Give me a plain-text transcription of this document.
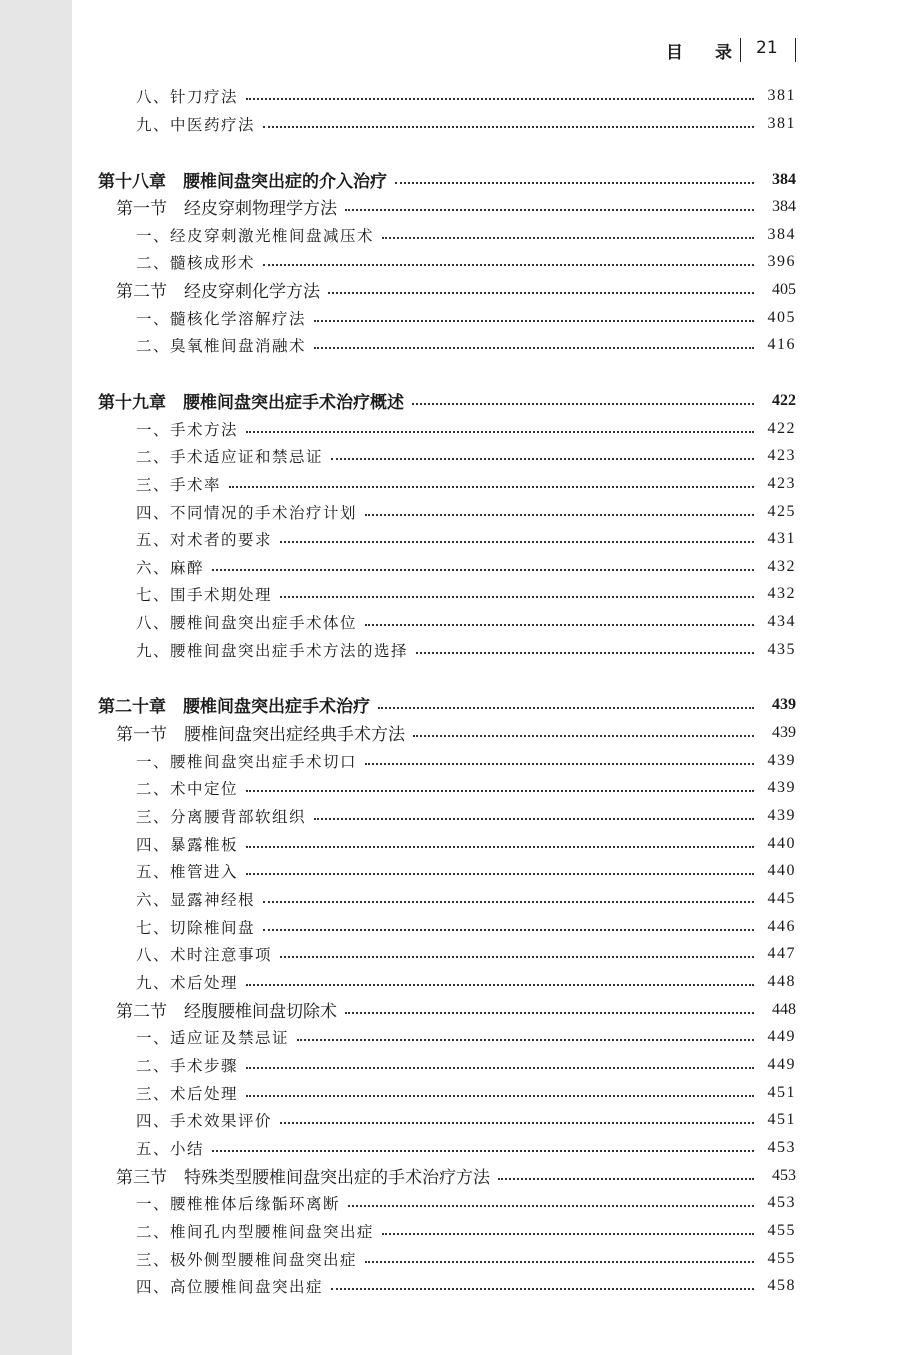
目 录 21
八、针刀疗法	381
九、中医药疗法	381
第十八章　腰椎间盘突出症的介入治疗	384
第一节　经皮穿刺物理学方法	384
一、经皮穿刺激光椎间盘减压术	384
二、髓核成形术	396
第二节　经皮穿刺化学方法	405
一、髓核化学溶解疗法	405
二、臭氧椎间盘消融术	416
第十九章　腰椎间盘突出症手术治疗概述	422
一、手术方法	422
二、手术适应证和禁忌证	423
三、手术率	423
四、不同情况的手术治疗计划	425
五、对术者的要求	431
六、麻醉	432
七、围手术期处理	432
八、腰椎间盘突出症手术体位	434
九、腰椎间盘突出症手术方法的选择	435
第二十章　腰椎间盘突出症手术治疗	439
第一节　腰椎间盘突出症经典手术方法	439
一、腰椎间盘突出症手术切口	439
二、术中定位	439
三、分离腰背部软组织	439
四、暴露椎板	440
五、椎管进入	440
六、显露神经根	445
七、切除椎间盘	446
八、术时注意事项	447
九、术后处理	448
第二节　经腹腰椎间盘切除术	448
一、适应证及禁忌证	449
二、手术步骤	449
三、术后处理	451
四、手术效果评价	451
五、小结	453
第三节　特殊类型腰椎间盘突出症的手术治疗方法	453
一、腰椎椎体后缘骺环离断	453
二、椎间孔内型腰椎间盘突出症	455
三、极外侧型腰椎间盘突出症	455
四、高位腰椎间盘突出症	458
